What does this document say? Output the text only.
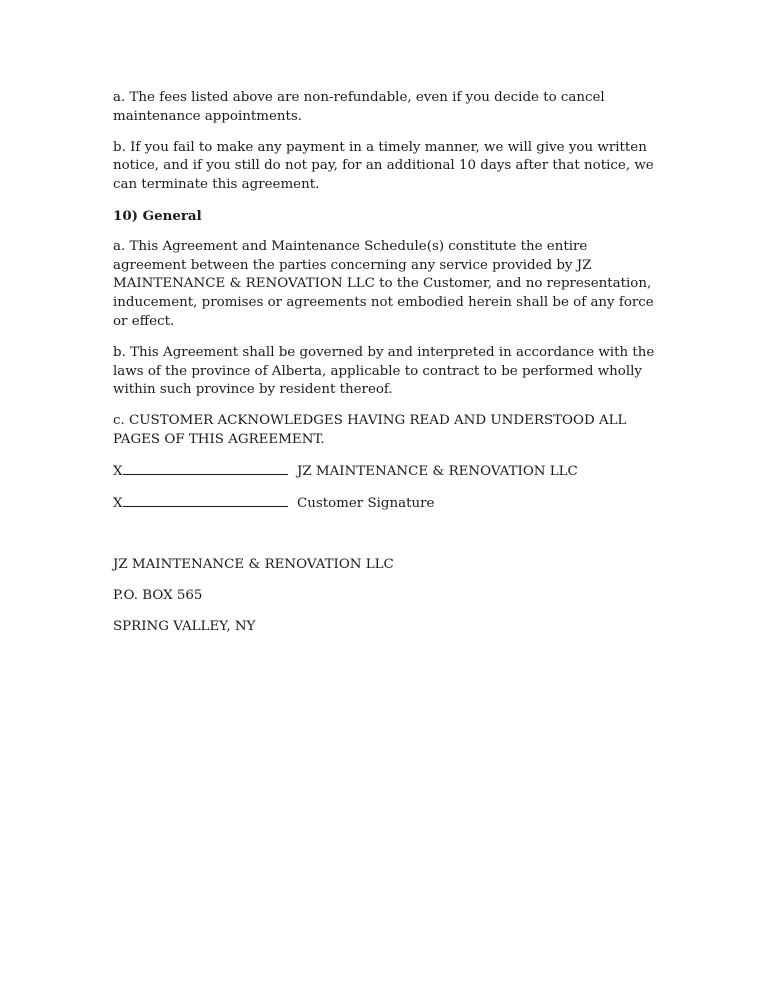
a. The fees listed above are non-refundable, even if you decide to cancel maintenance appointments.

b. If you fail to make any payment in a timely manner, we will give you written notice, and if you still do not pay, for an additional 10 days after that notice, we can terminate this agreement.

10) General

a. This Agreement and Maintenance Schedule(s) constitute the entire agreement between the parties concerning any service provided by JZ MAINTENANCE & RENOVATION LLC to the Customer, and no representation, inducement, promises or agreements not embodied herein shall be of any force or effect.

b. This Agreement shall be governed by and interpreted in accordance with the laws of the province of Alberta, applicable to contract to be performed wholly within such province by resident thereof.

c. CUSTOMER ACKNOWLEDGES HAVING READ AND UNDERSTOOD ALL PAGES OF THIS AGREEMENT.

X	JZ MAINTENANCE & RENOVATION LLC
X	Customer Signature

JZ MAINTENANCE & RENOVATION LLC

P.O. BOX 565

SPRING VALLEY, NY
